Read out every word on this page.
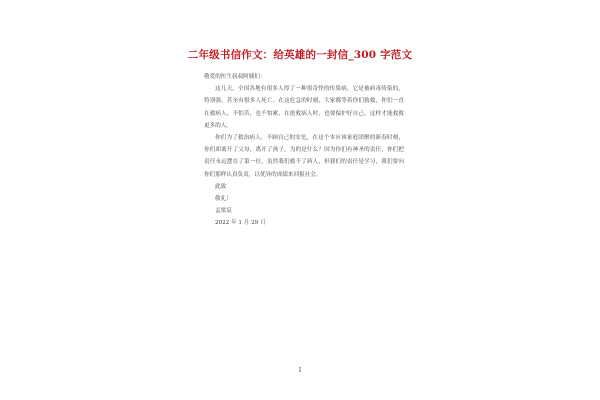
二年级书信作文：给英雄的一封信_300 字范文

敬爱的医生叔叔阿姨们：

这几天，全国各地有很多人得了一种很奇怪的传染病，它是被病毒传染的，特别强，甚至有很多人死亡。在这危急的时刻，大家都等着你们救救，你们一直在救病人，不怕苦，也不怕累，在抢救病人时，也要保护好自己，这样才能救救更多的人。

你们为了救治病人，不顾自己的安危，在这个本应该家庭团聚的新春时刻，你们却离开了父母，离开了孩子，为的是什么？因为你们有神圣的责任，你们把责任永远摆在了第一位，虽然我们救不了病人，但我们的责任是学习，我们要向你们那样认真负责，以优异的成绩来回报社会。

此致

敬礼！

孟梁宸

2022 年 1 月 29 日

1
